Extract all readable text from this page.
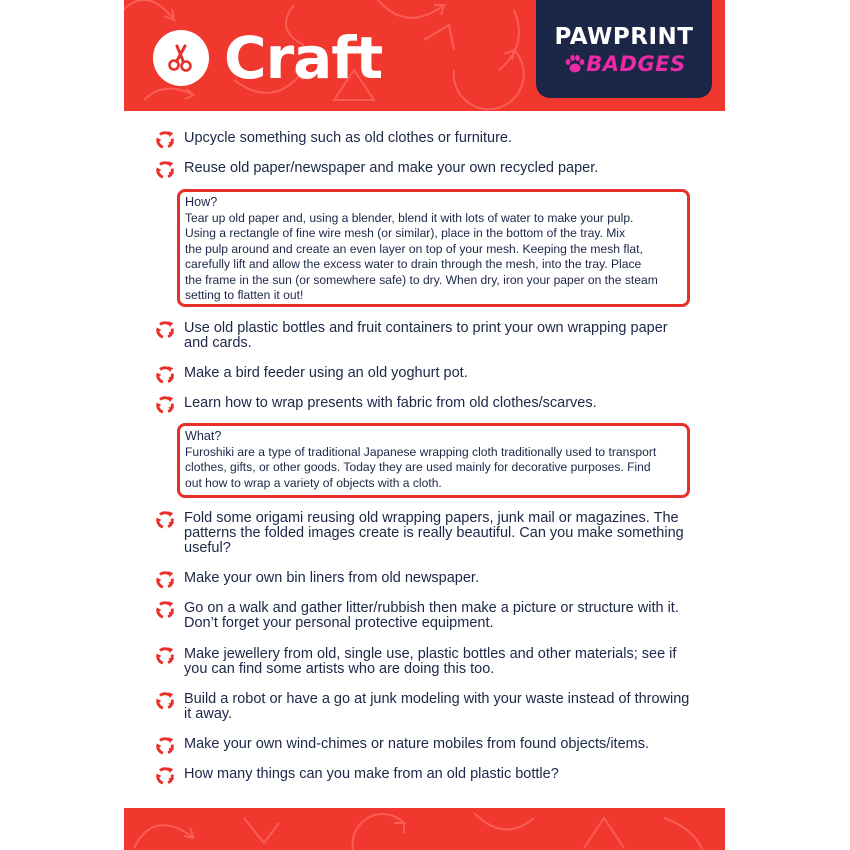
Craft	PAWPRINT
BADGES
Upcycle something such as old clothes or furniture.
Reuse old paper/newspaper and make your own recycled paper.
How?
Tear up old paper and, using a blender, blend it with lots of water to make your pulp.
Using a rectangle of fine wire mesh (or similar), place in the bottom of the tray. Mix
the pulp around and create an even layer on top of your mesh. Keeping the mesh flat,
carefully lift and allow the excess water to drain through the mesh, into the tray. Place
the frame in the sun (or somewhere safe) to dry. When dry, iron your paper on the steam
setting to flatten it out!
Use old plastic bottles and fruit containers to print your own wrapping paper and cards.
Make a bird feeder using an old yoghurt pot.
Learn how to wrap presents with fabric from old clothes/scarves.
What?
Furoshiki are a type of traditional Japanese wrapping cloth traditionally used to transport
clothes, gifts, or other goods. Today they are used mainly for decorative purposes. Find
out how to wrap a variety of objects with a cloth.
Fold some origami reusing old wrapping papers, junk mail or magazines. The patterns the folded images create is really beautiful. Can you make something useful?
Make your own bin liners from old newspaper.
Go on a walk and gather litter/rubbish then make a picture or structure with it. Don’t forget your personal protective equipment.
Make jewellery from old, single use, plastic bottles and other materials; see if you can find some artists who are doing this too.
Build a robot or have a go at junk modeling with your waste instead of throwing it away.
Make your own wind-chimes or nature mobiles from found objects/items.
How many things can you make from an old plastic bottle?
